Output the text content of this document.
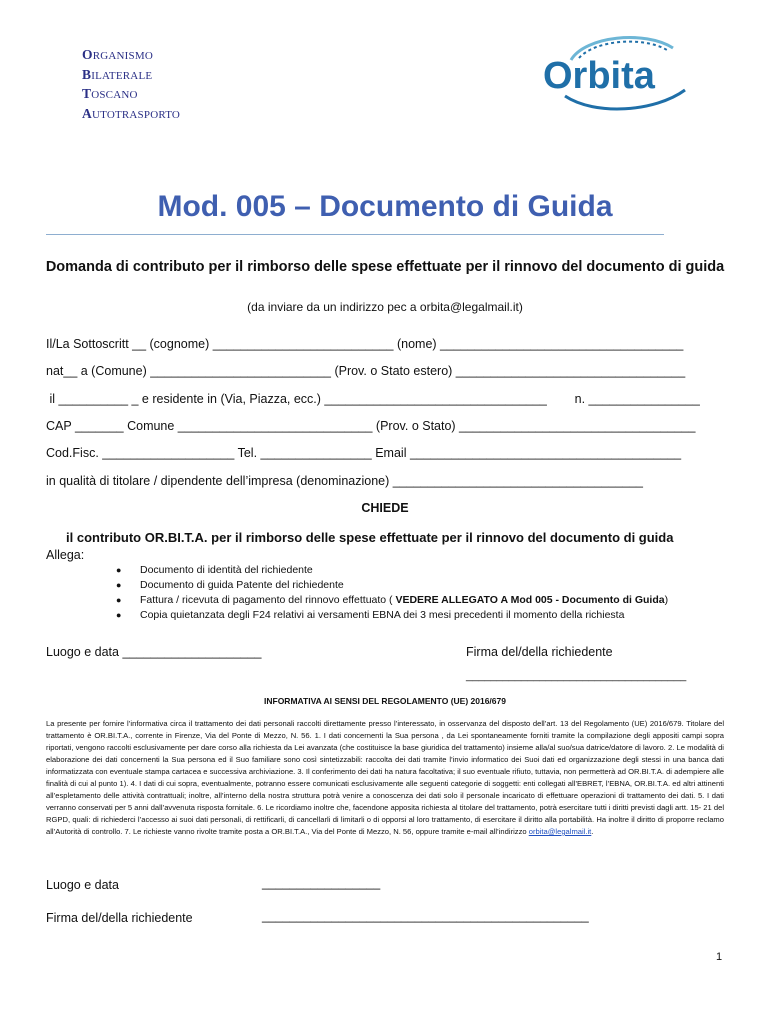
ORGANISMO
BILATERALE
TOSCANO
AUTOTRASPORTO
Orbita
Mod. 005 – Documento di Guida
Domanda di contributo per il rimborso delle spese effettuate per il rinnovo del documento di guida
(da inviare da un indirizzo pec a orbita@legalmail.it)
Il/La Sottoscritt __ (cognome) __________________________ (nome) ___________________________________
nat__ a (Comune) __________________________ (Prov. o Stato estero) _________________________________
il __________ _ e residente in (Via, Piazza, ecc.) ________________________________        n. ________________
CAP _______ Comune ____________________________ (Prov. o Stato) __________________________________
Cod.Fisc. ___________________ Tel. ________________ Email _______________________________________
in qualità di titolare / dipendente dell’impresa (denominazione) ____________________________________
CHIEDE
il contributo OR.BI.T.A. per il rimborso delle spese effettuate per il rinnovo del documento di guida
Allega:
● Documento di identità del richiedente
● Documento di guida Patente del richiedente
● Fattura / ricevuta di pagamento del rinnovo effettuato ( VEDERE ALLEGATO A Mod 005 - Documento di Guida)
● Copia quietanzata degli F24 relativi ai versamenti EBNA dei 3 mesi precedenti il momento della richiesta
Luogo e data ____________________	Firma del/della richiedente
____________________________________
INFORMATIVA AI SENSI DEL REGOLAMENTO (UE) 2016/679
La presente per fornire l’informativa circa il trattamento dei dati personali raccolti direttamente presso l’interessato, in osservanza del disposto dell’art. 13 del Regolamento (UE) 2016/679. Titolare del trattamento è OR.BI.T.A., corrente in Firenze, Via del Ponte di Mezzo, N. 56. 1. I dati concernenti la Sua persona , da Lei spontaneamente forniti tramite la compilazione degli appositi campi sopra riportati, vengono raccolti esclusivamente per dare corso alla richiesta da Lei avanzata (che costituisce la base giuridica del trattamento) insieme alla/al suo/sua datrice/datore di lavoro. 2. Le modalità di elaborazione dei dati concernenti la Sua persona ed il Suo familiare sono così sintetizzabili: raccolta dei dati tramite l’invio informatico dei Suoi dati ed organizzazione degli stessi in una banca dati informatizzata con eventuale stampa cartacea e successiva archiviazione. 3. Il conferimento dei dati ha natura facoltativa; il suo eventuale rifiuto, tuttavia, non permetterà ad OR.BI.T.A. di adempiere alle finalità di cui al punto 1). 4. I dati di cui sopra, eventualmente, potranno essere comunicati esclusivamente alle seguenti categorie di soggetti: enti collegati all’EBRET, l’EBNA, OR.BI.T.A. ed altri attinenti all’espletamento delle attività contrattuali; inoltre, all’interno della nostra struttura potrà venire a conoscenza dei dati solo il personale incaricato di effettuare operazioni di trattamento dei dati. 5. I dati verranno conservati per 5 anni dall’avvenuta risposta fornitale. 6. Le ricordiamo inoltre che, facendone apposita richiesta al titolare del trattamento, potrà esercitare tutti i diritti previsti dagli artt. 15- 21 del RGPD, quali: di richiederci l’accesso ai suoi dati personali, di rettificarli, di cancellarli di limitarli o di opporsi al loro trattamento, di esercitare il diritto alla portabilità. Ha inoltre il diritto di proporre reclamo all’Autorità di controllo. 7. Le richieste vanno rivolte tramite posta a OR.BI.T.A., Via del Ponte di Mezzo, N. 56, oppure tramite e-mail all’indirizzo orbita@legalmail.it.
Luogo e data	_________________
Firma del/della richiedente	_______________________________________________
1
